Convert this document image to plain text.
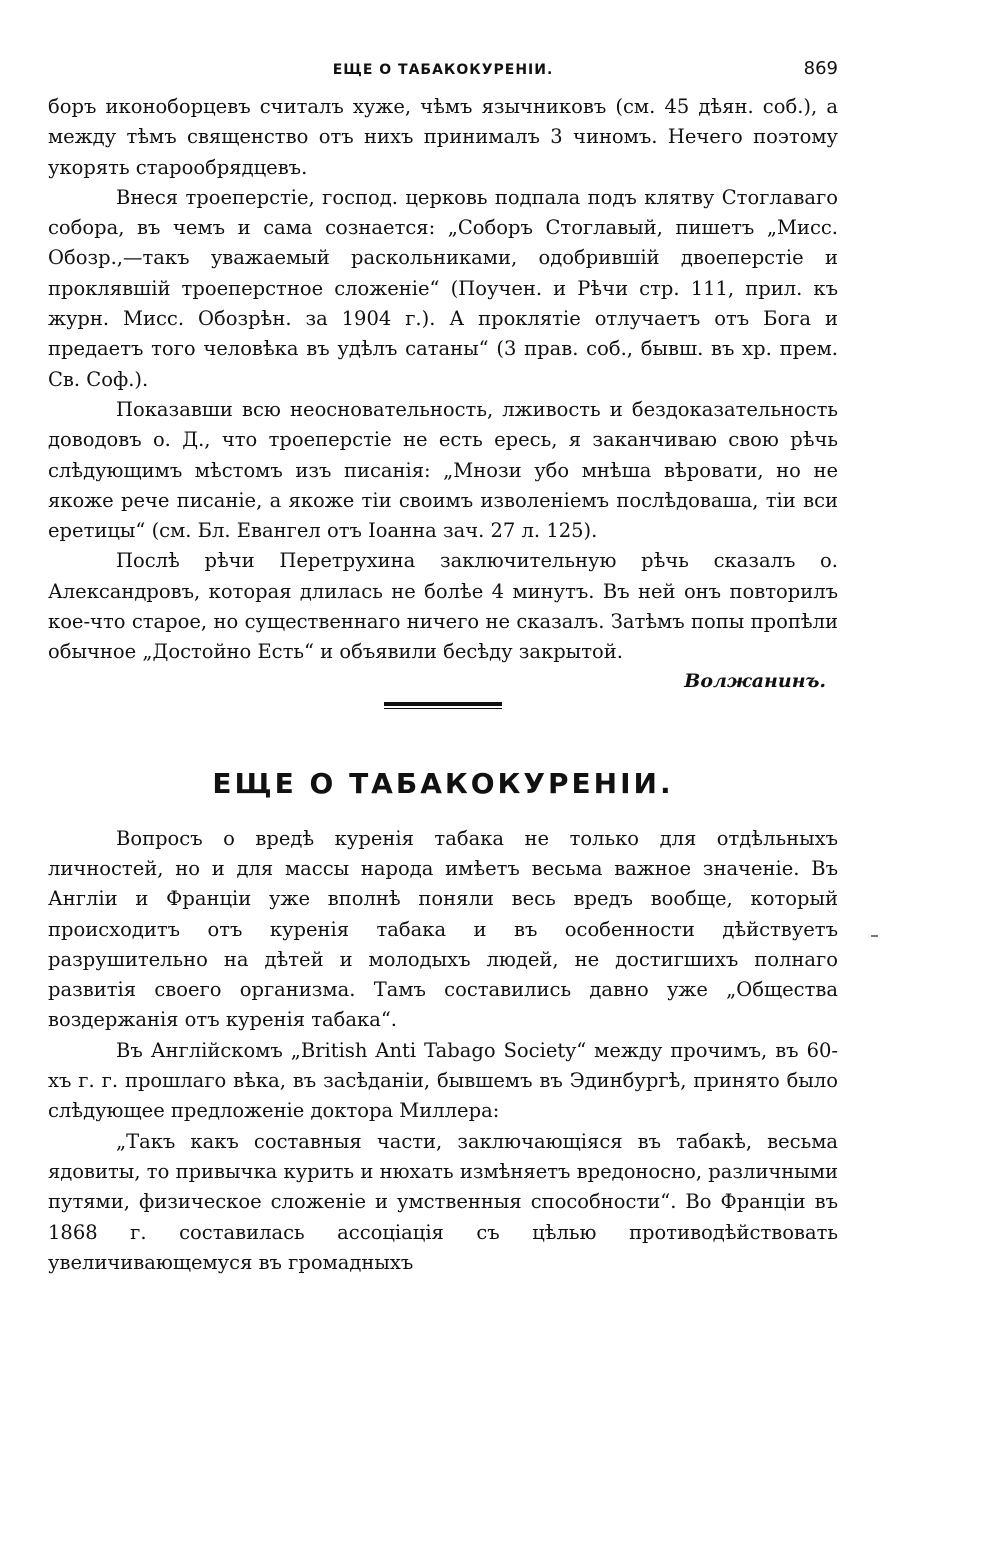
ЕЩЕ О ТАБАКОКУРЕНІИ.	869

боръ иконоборцевъ считалъ хуже, чѣмъ язычниковъ (см. 45 дѣян. соб.), а между тѣмъ священство отъ нихъ принималъ 3 чиномъ. Нечего поэтому укорять старообрядцевъ.

Внеся троеперстіе, господ. церковь подпала подъ клятву Стоглаваго собора, въ чемъ и сама сознается: „Соборъ Стоглавый, пишетъ „Мисс. Обозр.,—такъ уважаемый раскольниками, одобрившій двоеперстіе и проклявшій троеперстное сложеніе“ (Поучен. и Рѣчи стр. 111, прил. къ журн. Мисс. Обозрѣн. за 1904 г.). А проклятіе отлучаетъ отъ Бога и предаетъ того человѣка въ удѣлъ сатаны“ (3 прав. соб., бывш. въ хр. прем. Св. Соф.).

Показавши всю неосновательность, лживость и бездоказательность доводовъ о. Д., что троеперстіе не есть ересь, я заканчиваю свою рѣчь слѣдующимъ мѣстомъ изъ писанія: „Мнози убо мнѣша вѣровати, но не якоже рече писаніе, а якоже тіи своимъ изволеніемъ послѣдоваша, тіи вси еретицы“ (см. Бл. Евангел отъ Іоанна зач. 27 л. 125).

Послѣ рѣчи Перетрухина заключительную рѣчь сказалъ о. Александровъ, которая длилась не болѣе 4 минутъ. Въ ней онъ повторилъ кое-что старое, но существеннаго ничего не сказалъ. Затѣмъ попы пропѣли обычное „Достойно Есть“ и объявили бесѣду закрытой.

Волжанинъ.
ЕЩЕ О ТАБАКОКУРЕНІИ.

Вопросъ о вредѣ куренія табака не только для отдѣльныхъ личностей, но и для массы народа имѣетъ весьма важное значеніе. Въ Англіи и Франціи уже вполнѣ поняли весь вредъ вообще, который происходитъ отъ куренія табака и въ особенности дѣйствуетъ разрушительно на дѣтей и молодыхъ людей, не достигшихъ полнаго развитія своего организма. Тамъ составились давно уже „Общества воздержанія отъ куренія табака“.

Въ Англійскомъ „British Anti Tabago Society“ между прочимъ, въ 60-хъ г. г. прошлаго вѣка, въ засѣданіи, бывшемъ въ Эдинбургѣ, принято было слѣдующее предложеніе доктора Миллера:

„Такъ какъ составныя части, заключающіяся въ табакѣ, весьма ядовиты, то привычка курить и нюхать измѣняетъ вредоносно, различными путями, физическое сложеніе и умственныя способности“. Во Франціи въ 1868 г. составилась ассоціація съ цѣлью противодѣйствовать увеличивающемуся въ громадныхъ
